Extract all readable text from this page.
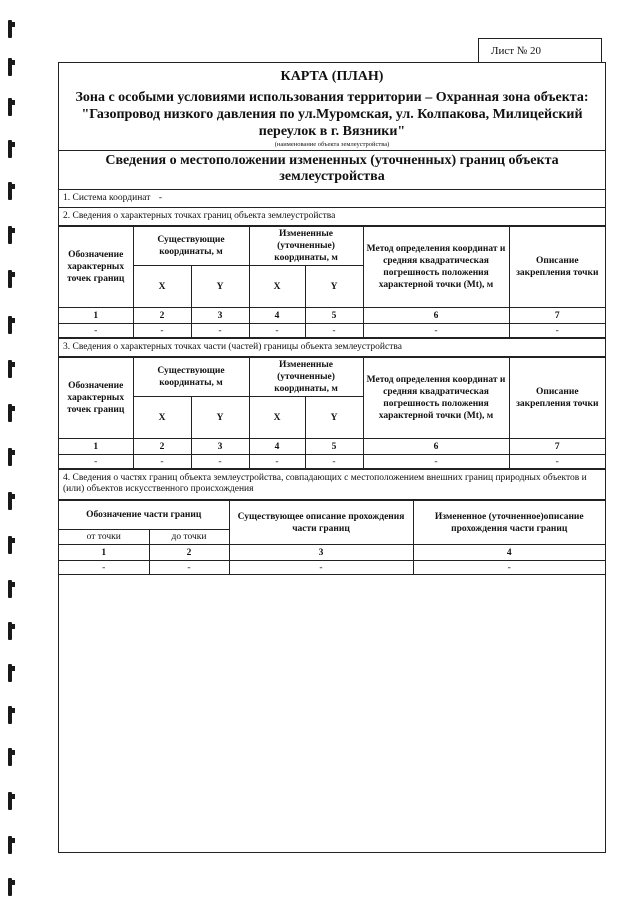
Лист № 20
КАРТА (ПЛАН)
Зона с особыми условиями использования территории – Охранная зона объекта: "Газопровод низкого давления по ул.Муромская, ул. Колпакова, Милицейский переулок в г. Вязники"
(наименование объекта землеустройства)
Сведения о местоположении измененных (уточненных) границ объекта землеустройства
1. Система координат -
2. Сведения о характерных точках границ объекта землеустройства
Обозначение характерных точек границ	Существующие координаты, м		Измененные (уточненные) координаты, м		Метод определения координат и средняя квадратическая погрешность положения характерной точки (Mt), м	Описание закрепления точки
	X	Y	X	Y		
1	2	3	4	5	6	7
-	-	-	-	-	-	-
3. Сведения о характерных точках части (частей) границы объекта землеустройства
Обозначение характерных точек границ	Существующие координаты, м		Измененные (уточненные) координаты, м		Метод определения координат и средняя квадратическая погрешность положения характерной точки (Mt), м	Описание закрепления точки
	X	Y	X	Y		
1	2	3	4	5	6	7
-	-	-	-	-	-	-
4. Сведения о частях границ объекта землеустройства, совпадающих с местоположением внешних границ природных объектов и (или) объектов искусственного происхождения
Обозначение части границ		Существующее описание прохождения части границ	Измененное (уточненное)описание прохождения части границ
от точки	до точки		
1	2	3	4
-	-	-	-
